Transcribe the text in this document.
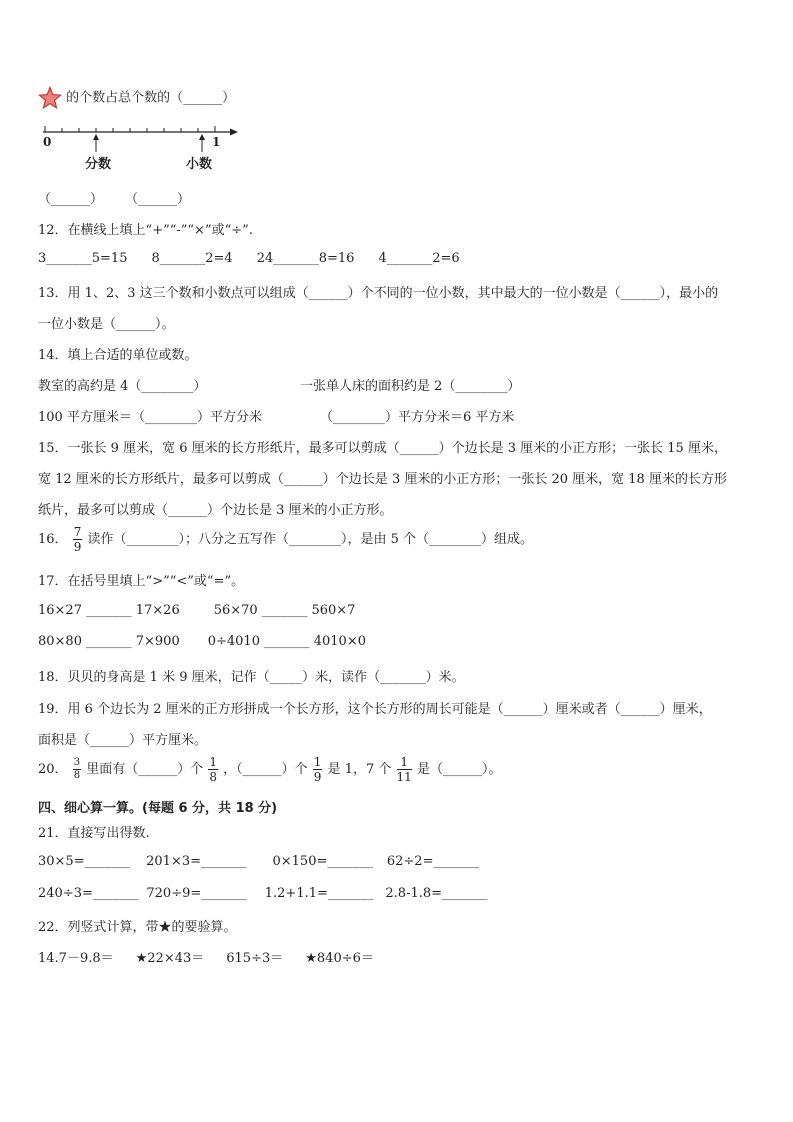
的个数占总个数的（______）
0	1
分数	小数
（______） （______）
12．在横线上填上“+”“-”“×”或“÷”.
3_______5=15 8_______2=4 24_______8=16 4_______2=6
13．用 1、2、3 这三个数和小数点可以组成（______）个不同的一位小数，其中最大的一位小数是（______），最小的
一位小数是（______）。
14．填上合适的单位或数。
教室的高约是 4（________）	一张单人床的面积约是 2（________）
100 平方厘米＝（________）平方分米	（________）平方分米＝6 平方米
15．一张长 9 厘米，宽 6 厘米的长方形纸片，最多可以剪成（______）个边长是 3 厘米的小正方形；一张长 15 厘米，
宽 12 厘米的长方形纸片，最多可以剪成（______）个边长是 3 厘米的小正方形；一张长 20 厘米，宽 18 厘米的长方形
纸片，最多可以剪成（______）个边长是 3 厘米的小正方形。
16． $\frac{7}{9}$ 读作（________）；八分之五写作（________），是由 5 个（________）组成。
17．在括号里填上“>”“<”或“=”。
16×27 _______ 17×26	56×70 _______ 560×7
80×80 _______ 7×900 0÷4010 _______ 4010×0
18．贝贝的身高是 1 米 9 厘米，记作（_____）米，读作（_______）米。
19．用 6 个边长为 2 厘米的正方形拼成一个长方形，这个长方形的周长可能是（______）厘米或者（______）厘米，
面积是（______）平方厘米。
20． $\frac{3}{8}$ 里面有（______）个 $\frac{1}{8}$ ，（______）个 $\frac{1}{9}$ 是 1，7 个 $\frac{1}{11}$ 是（______）。
四、细心算一算。(每题 6 分，共 18 分)
21．直接写出得数.
30×5=_______ 201×3=_______ 0×150=_______ 62÷2=_______
240÷3=_______ 720÷9=_______ 1.2+1.1=_______ 2.8-1.8=_______
22．列竖式计算，带★的要验算。
14.7－9.8＝ ★22×43＝ 615÷3＝ ★840÷6＝
